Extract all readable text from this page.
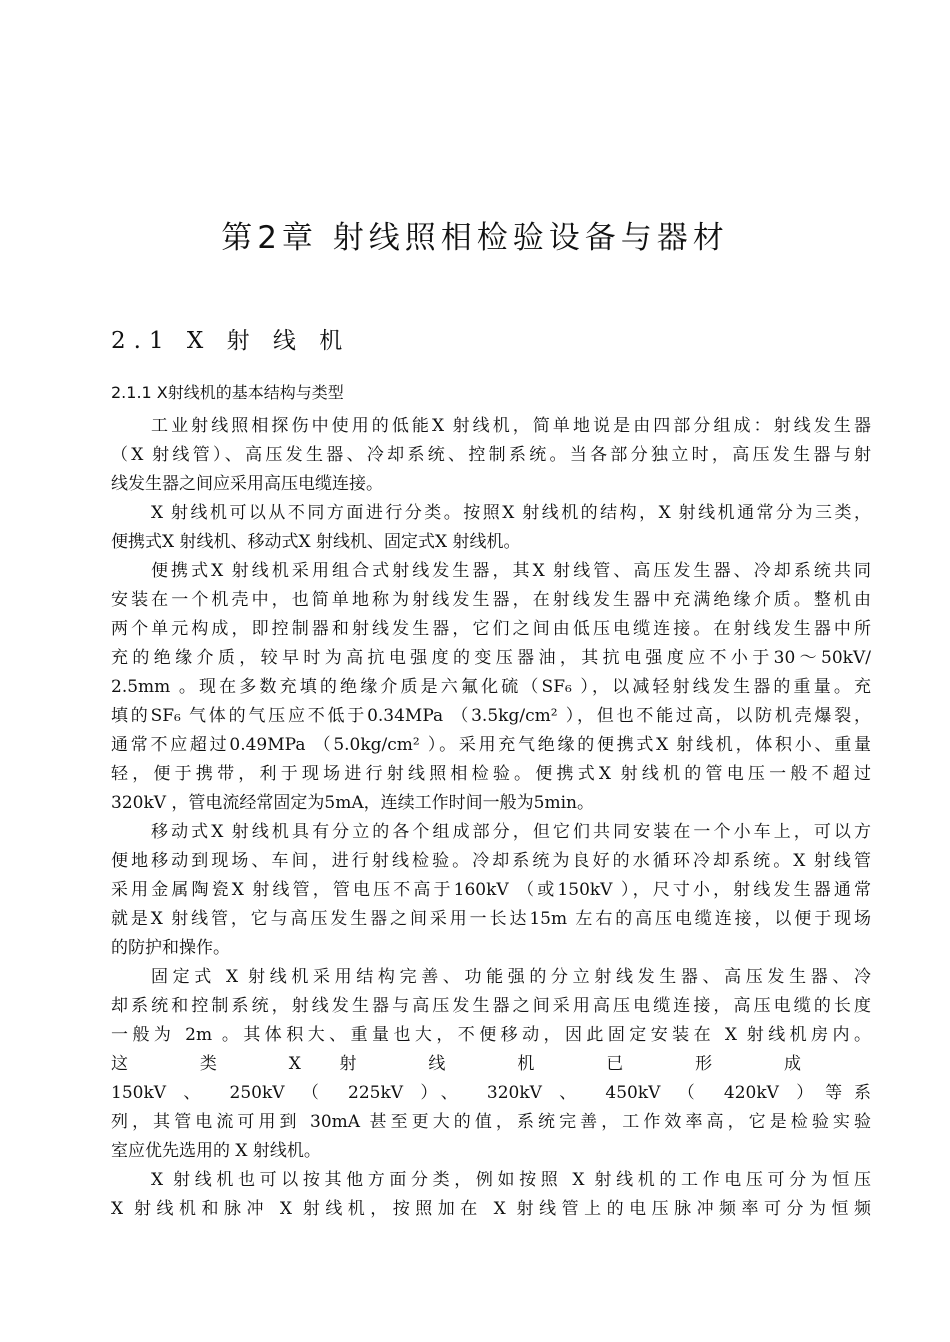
第2章 射线照相检验设备与器材
2.1 X 射 线 机
2.1.1 X射线机的基本结构与类型
工业射线照相探伤中使用的低能X 射线机，简单地说是由四部分组成：射线发生器
（X 射线管）、高压发生器、冷却系统、控制系统。当各部分独立时，高压发生器与射
线发生器之间应采用高压电缆连接。
X 射线机可以从不同方面进行分类。按照X 射线机的结构，X 射线机通常分为三类，
便携式X 射线机、移动式X 射线机、固定式X 射线机。
便携式X 射线机采用组合式射线发生器，其X 射线管、高压发生器、冷却系统共同
安装在一个机壳中，也简单地称为射线发生器，在射线发生器中充满绝缘介质。整机由
两个单元构成，即控制器和射线发生器，它们之间由低压电缆连接。在射线发生器中所
充的绝缘介质，较早时为高抗电强度的变压器油，其抗电强度应不小于30～50kV/
2.5mm 。现在多数充填的绝缘介质是六氟化硫（SF₆ ），以减轻射线发生器的重量。充
填的SF₆ 气体的气压应不低于0.34MPa （3.5kg/cm² ），但也不能过高，以防机壳爆裂，
通常不应超过0.49MPa （5.0kg/cm² ）。采用充气绝缘的便携式X 射线机，体积小、重量
轻，便于携带，利于现场进行射线照相检验。便携式X 射线机的管电压一般不超过
320kV ，管电流经常固定为5mA，连续工作时间一般为5min。
移动式X 射线机具有分立的各个组成部分，但它们共同安装在一个小车上，可以方
便地移动到现场、车间，进行射线检验。冷却系统为良好的水循环冷却系统。X 射线管
采用金属陶瓷X 射线管，管电压不高于160kV （或150kV ），尺寸小，射线发生器通常
就是X 射线管，它与高压发生器之间采用一长达15m 左右的高压电缆连接，以便于现场
的防护和操作。
固定式 X 射线机采用结构完善、功能强的分立射线发生器、高压发生器、冷
却系统和控制系统，射线发生器与高压发生器之间采用高压电缆连接，高压电缆的长度
一般为 2m 。其体积大、重量也大，不便移动，因此固定安装在 X 射线机房内。
这 类 X 射 线 机 已 形 成
150kV 、 250kV （ 225kV ）、 320kV 、 450kV （ 420kV ）等系
列，其管电流可用到 30mA 甚至更大的值，系统完善，工作效率高，它是检验实验
室应优先选用的 X 射线机。
X 射线机也可以按其他方面分类，例如按照 X 射线机的工作电压可分为恒压
X 射线机和脉冲 X 射线机，按照加在 X 射线管上的电压脉冲频率可分为恒频
